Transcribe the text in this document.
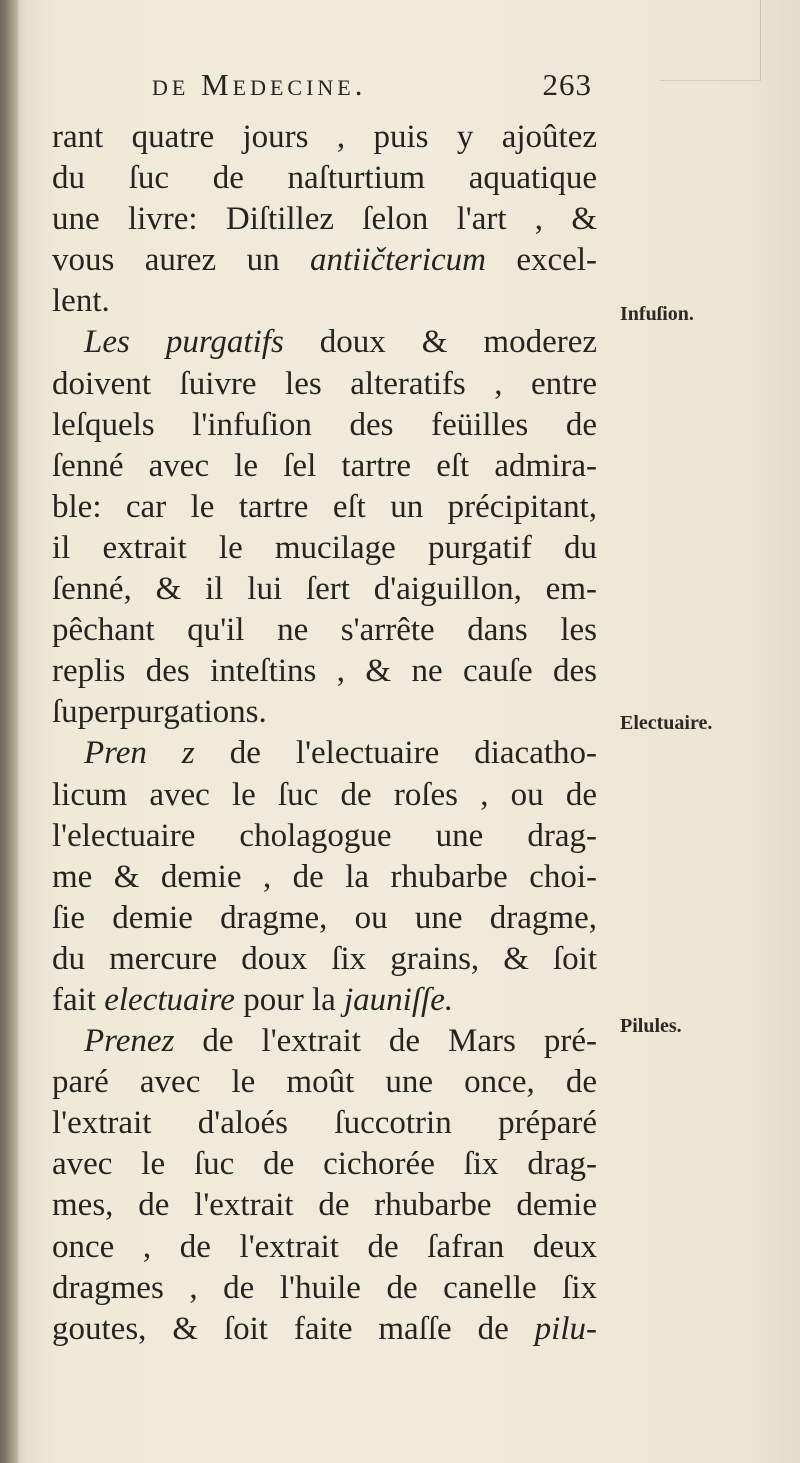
de Medecine.	263
rant quatre jours , puis y ajoûtez
du ſuc de naſturtium aquatique
une livre: Diſtillez ſelon l'art , &
vous aurez un antiičtericum excel-
lent.
Les purgatifs doux & moderez
doivent ſuivre les alteratifs , entre
leſquels l'infuſion des feüilles de
ſenné avec le ſel tartre eſt admira-
ble: car le tartre eſt un précipitant,
il extrait le mucilage purgatif du
ſenné, & il lui ſert d'aiguillon, em-
pêchant qu'il ne s'arrête dans les
replis des inteſtins , & ne cauſe des
ſuperpurgations.
Pren z de l'electuaire diacatho-
licum avec le ſuc de roſes , ou de
l'electuaire cholagogue une drag-
me & demie , de la rhubarbe choi-
ſie demie dragme, ou une dragme,
du mercure doux ſix grains, & ſoit
fait electuaire pour la jauniſſe.
Prenez de l'extrait de Mars pré-
paré avec le moût une once, de
l'extrait d'aloés ſuccotrin préparé
avec le ſuc de cichorée ſix drag-
mes, de l'extrait de rhubarbe demie
once , de l'extrait de ſafran deux
dragmes , de l'huile de canelle ſix
goutes, & ſoit faite maſſe de pilu-
Infuſion.
Electuaire.
Pilules.
